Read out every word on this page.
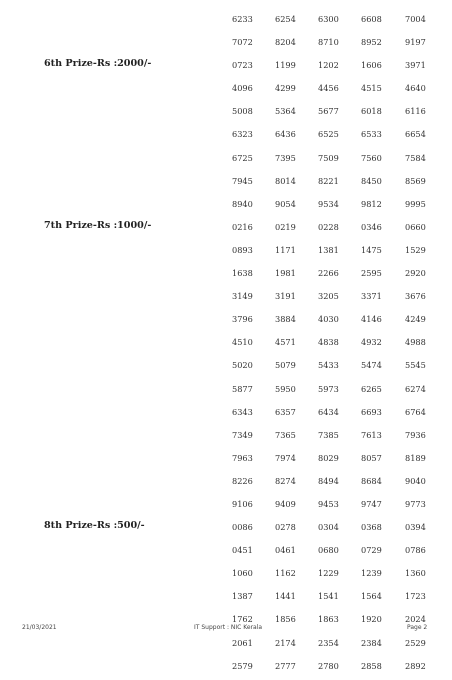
6233	6254	6300	6608	7004
7072	8204	8710	8952	9197
6th Prize-Rs :2000/-	0723	1199	1202	1606	3971
4096	4299	4456	4515	4640
5008	5364	5677	6018	6116
6323	6436	6525	6533	6654
6725	7395	7509	7560	7584
7945	8014	8221	8450	8569
8940	9054	9534	9812	9995
7th Prize-Rs :1000/-	0216	0219	0228	0346	0660
0893	1171	1381	1475	1529
1638	1981	2266	2595	2920
3149	3191	3205	3371	3676
3796	3884	4030	4146	4249
4510	4571	4838	4932	4988
5020	5079	5433	5474	5545
5877	5950	5973	6265	6274
6343	6357	6434	6693	6764
7349	7365	7385	7613	7936
7963	7974	8029	8057	8189
8226	8274	8494	8684	9040
9106	9409	9453	9747	9773
8th Prize-Rs :500/-	0086	0278	0304	0368	0394
0451	0461	0680	0729	0786
1060	1162	1229	1239	1360
1387	1441	1541	1564	1723
1762	1856	1863	1920	2024
2061	2174	2354	2384	2529
2579	2777	2780	2858	2892
21/03/2021	IT Support : NIC Kerala	Page 2
